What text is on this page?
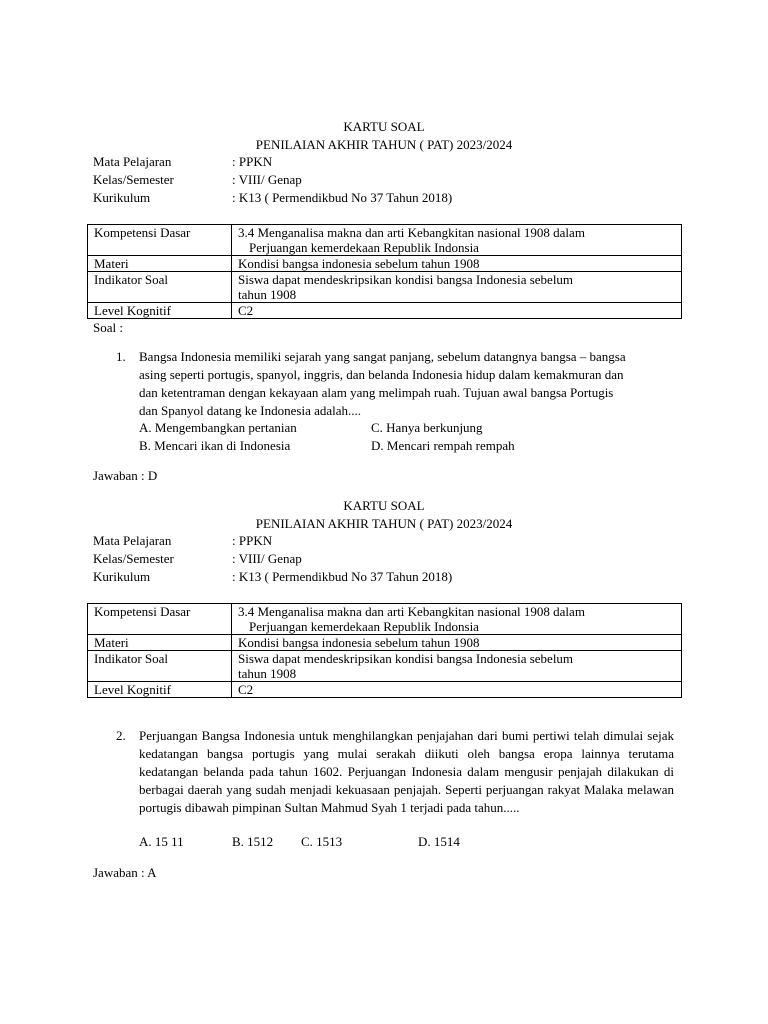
KARTU SOAL
PENILAIAN AKHIR TAHUN ( PAT) 2023/2024
Mata Pelajaran	: PPKN
Kelas/Semester	: VIII/ Genap
Kurikulum	: K13 ( Permendikbud No 37 Tahun 2018)
Kompetensi Dasar	3.4 Menganalisa makna dan arti Kebangkitan nasional 1908 dalam
Perjuangan kemerdekaan Republik Indonsia
Materi	Kondisi bangsa indonesia sebelum tahun 1908
Indikator Soal	Siswa dapat mendeskripsikan kondisi bangsa Indonesia sebelum
tahun 1908
Level Kognitif	C2
Soal :
1. Bangsa Indonesia memiliki sejarah yang sangat panjang, sebelum datangnya bangsa – bangsa
asing seperti portugis, spanyol, inggris, dan belanda Indonesia hidup dalam kemakmuran dan
dan ketentraman dengan kekayaan alam yang melimpah ruah. Tujuan awal bangsa Portugis
dan Spanyol datang ke Indonesia adalah....
A. Mengembangkan pertanian	C. Hanya berkunjung
B. Mencari ikan di Indonesia	D. Mencari rempah rempah
Jawaban : D
KARTU SOAL
PENILAIAN AKHIR TAHUN ( PAT) 2023/2024
Mata Pelajaran	: PPKN
Kelas/Semester	: VIII/ Genap
Kurikulum	: K13 ( Permendikbud No 37 Tahun 2018)
Kompetensi Dasar	3.4 Menganalisa makna dan arti Kebangkitan nasional 1908 dalam
Perjuangan kemerdekaan Republik Indonsia
Materi	Kondisi bangsa indonesia sebelum tahun 1908
Indikator Soal	Siswa dapat mendeskripsikan kondisi bangsa Indonesia sebelum
tahun 1908
Level Kognitif	C2
2. Perjuangan Bangsa Indonesia untuk menghilangkan penjajahan dari bumi pertiwi telah dimulai sejak kedatangan bangsa portugis yang mulai serakah diikuti oleh bangsa eropa lainnya terutama kedatangan belanda pada tahun 1602. Perjuangan Indonesia dalam mengusir penjajah dilakukan di berbagai daerah yang sudah menjadi kekuasaan penjajah. Seperti perjuangan rakyat Malaka melawan portugis dibawah pimpinan Sultan Mahmud Syah 1 terjadi pada tahun.....
A. 15 11	B. 1512 C. 1513	D. 1514
Jawaban : A
